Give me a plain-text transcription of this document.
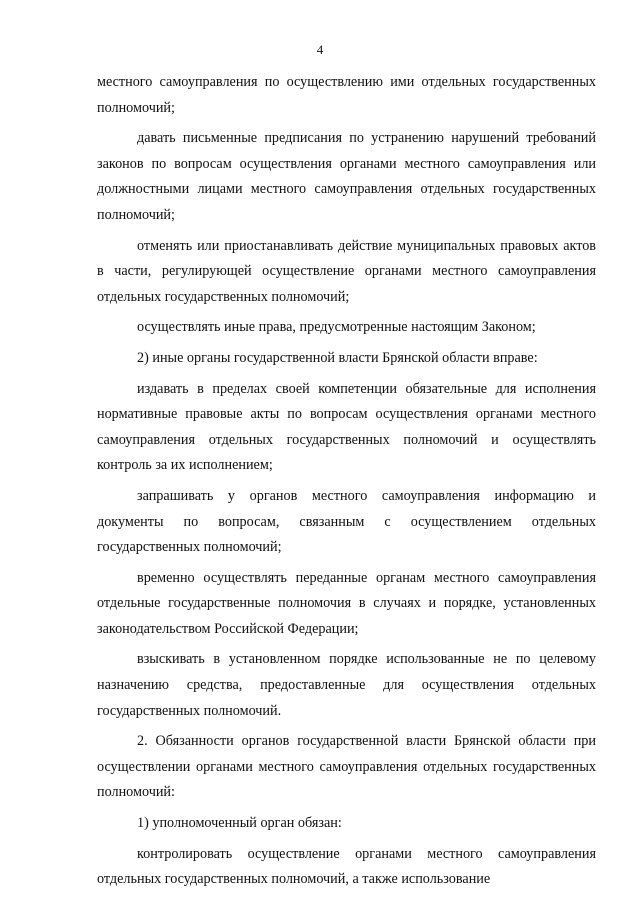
4

местного самоуправления по осуществлению ими отдельных государственных полномочий;

давать письменные предписания по устранению нарушений требований законов по вопросам осуществления органами местного самоуправления или должностными лицами местного самоуправления отдельных государственных полномочий;

отменять или приостанавливать действие муниципальных правовых актов в части, регулирующей осуществление органами местного самоуправления отдельных государственных полномочий;

осуществлять иные права, предусмотренные настоящим Законом;

2) иные органы государственной власти Брянской области вправе:

издавать в пределах своей компетенции обязательные для исполнения нормативные правовые акты по вопросам осуществления органами местного самоуправления отдельных государственных полномочий и осуществлять контроль за их исполнением;

запрашивать у органов местного самоуправления информацию и документы по вопросам, связанным с осуществлением отдельных государственных полномочий;

временно осуществлять переданные органам местного самоуправления отдельные государственные полномочия в случаях и порядке, установленных законодательством Российской Федерации;

взыскивать в установленном порядке использованные не по целевому назначению средства, предоставленные для осуществления отдельных государственных полномочий.

2. Обязанности органов государственной власти Брянской области при осуществлении органами местного самоуправления отдельных государственных полномочий:

1) уполномоченный орган обязан:

контролировать осуществление органами местного самоуправления отдельных государственных полномочий, а также использование
